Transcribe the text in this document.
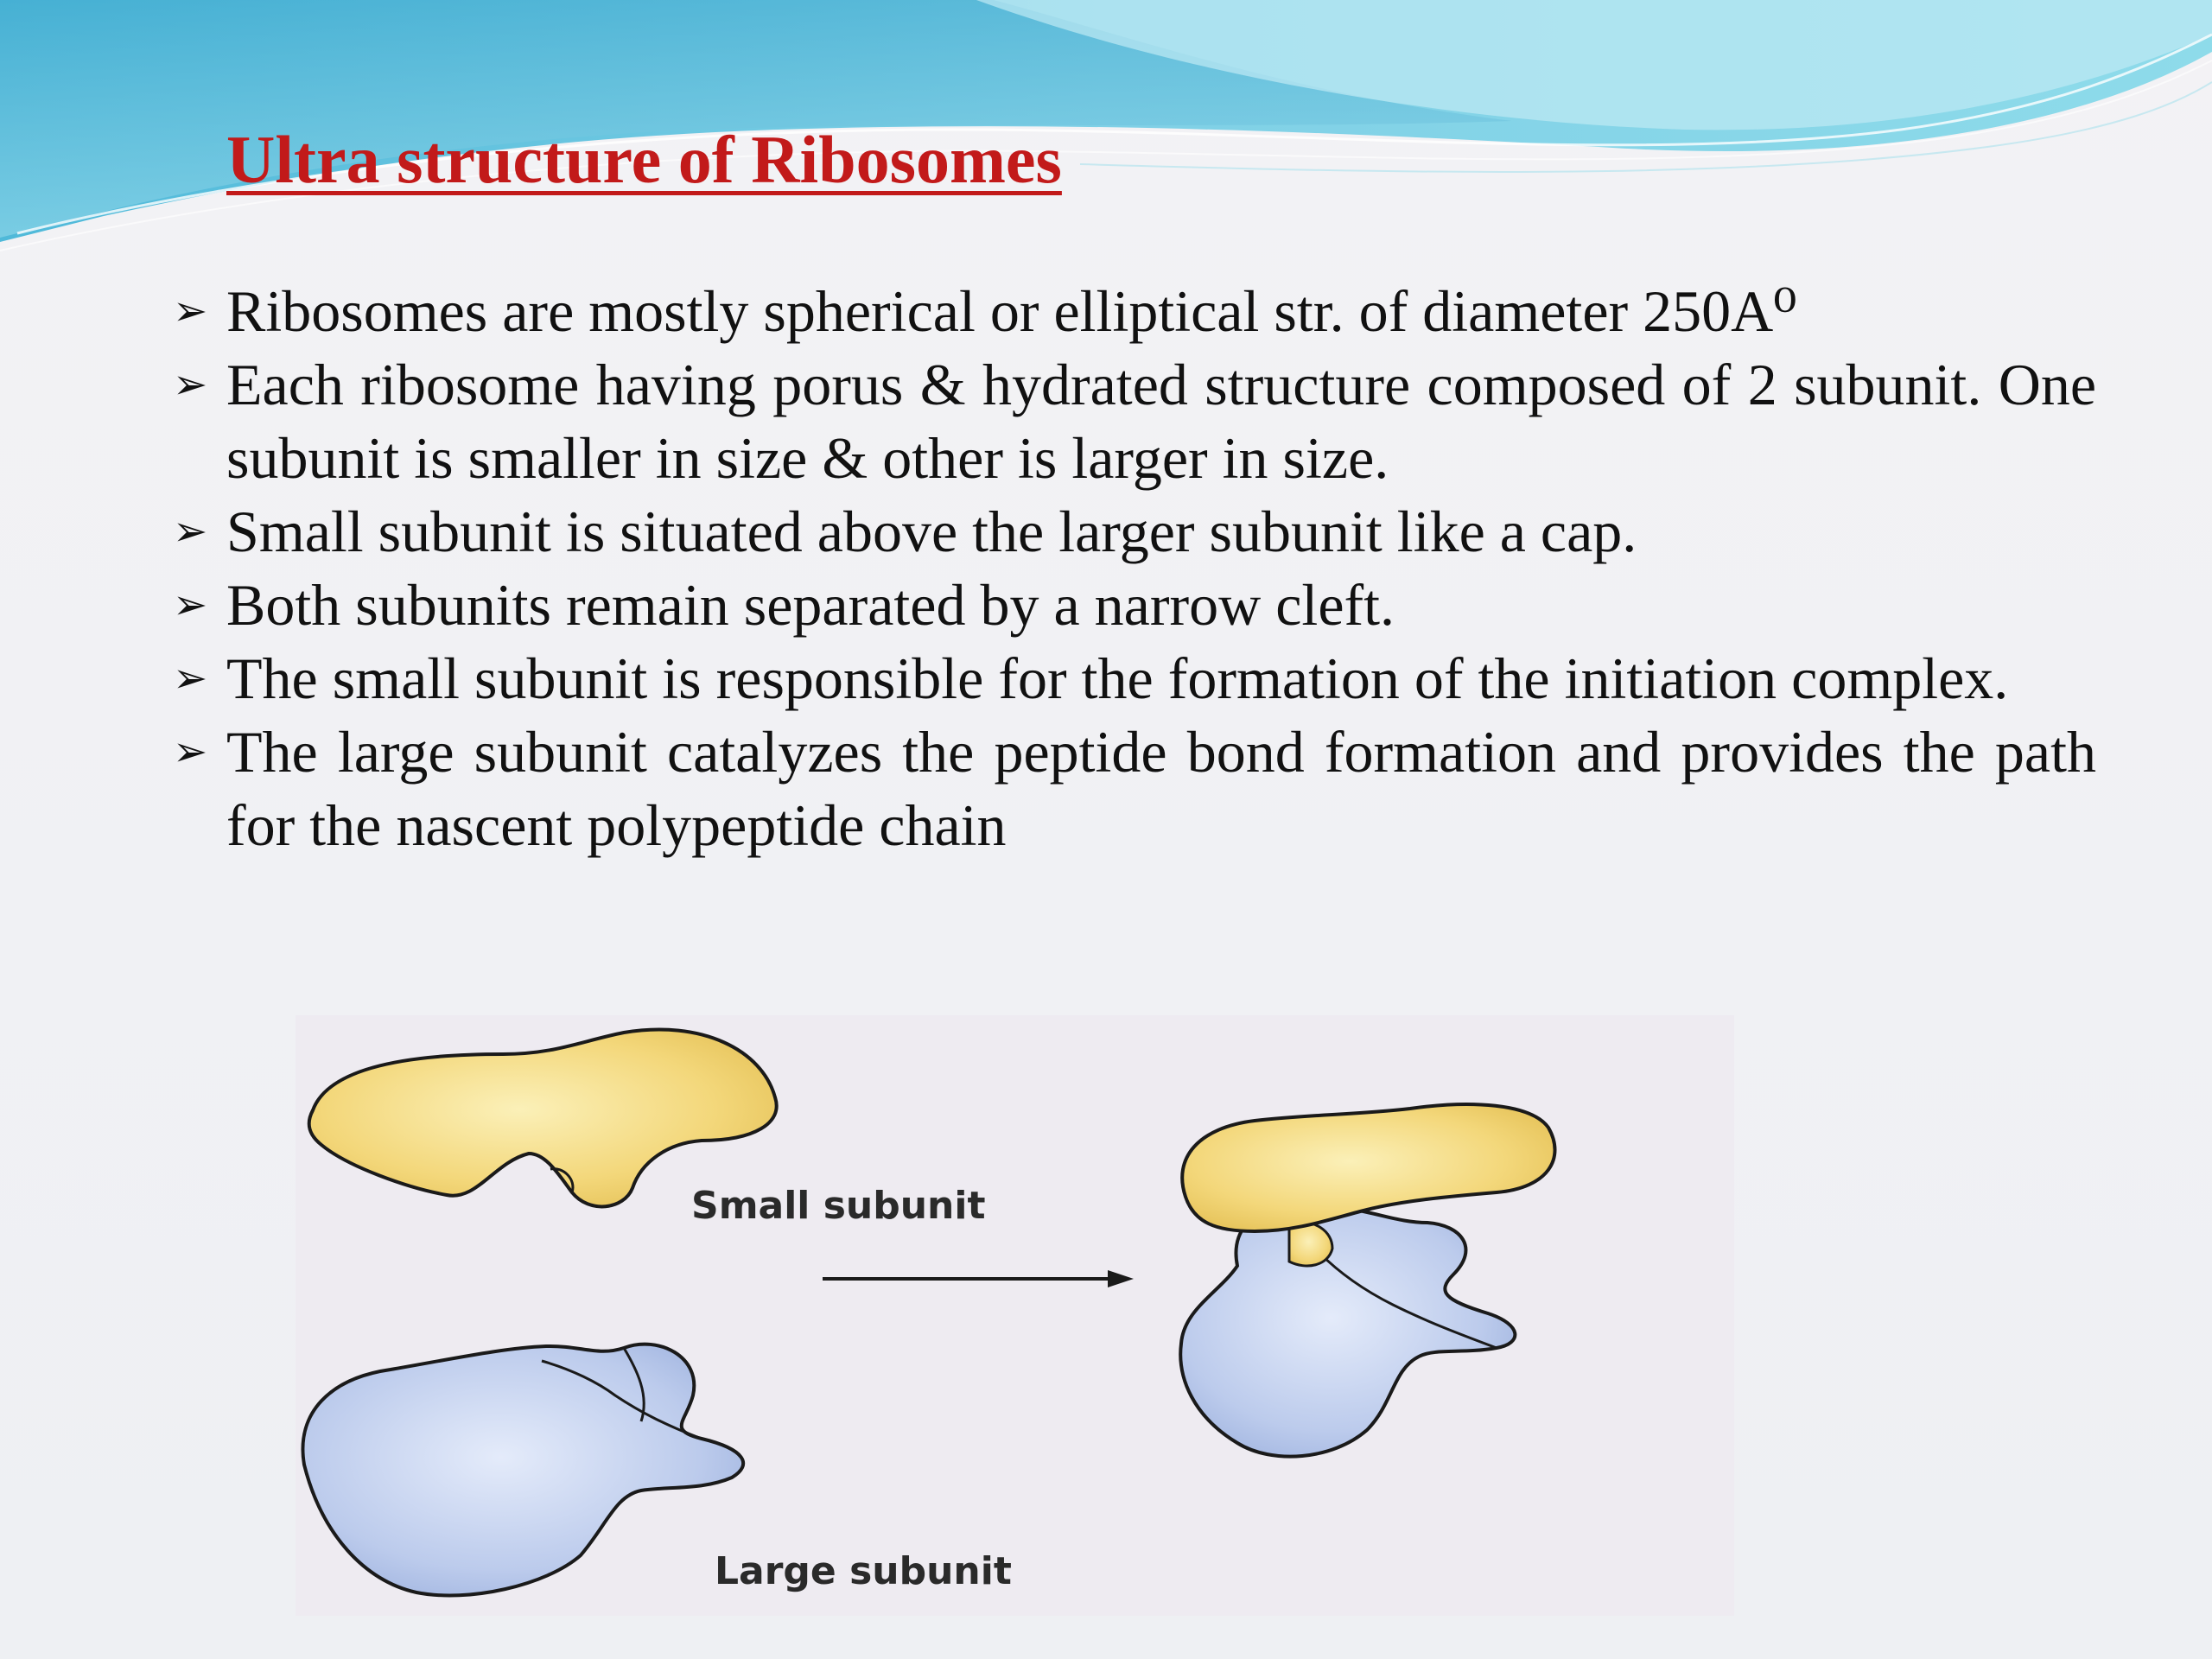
Ultra structure of Ribosomes
➢ Ribosomes are mostly spherical or elliptical str. of diameter 250A⁰
➢ Each ribosome having porus & hydrated structure composed of 2 subunit. One subunit is smaller in size & other is larger in size.
➢ Small subunit is situated above the larger subunit like a cap.
➢ Both subunits remain separated by a narrow cleft.
➢ The small subunit is responsible for the formation of the initiation complex.
➢ The large subunit catalyzes the peptide bond formation and provides the path for the nascent polypeptide chain
Small subunit
Large subunit
